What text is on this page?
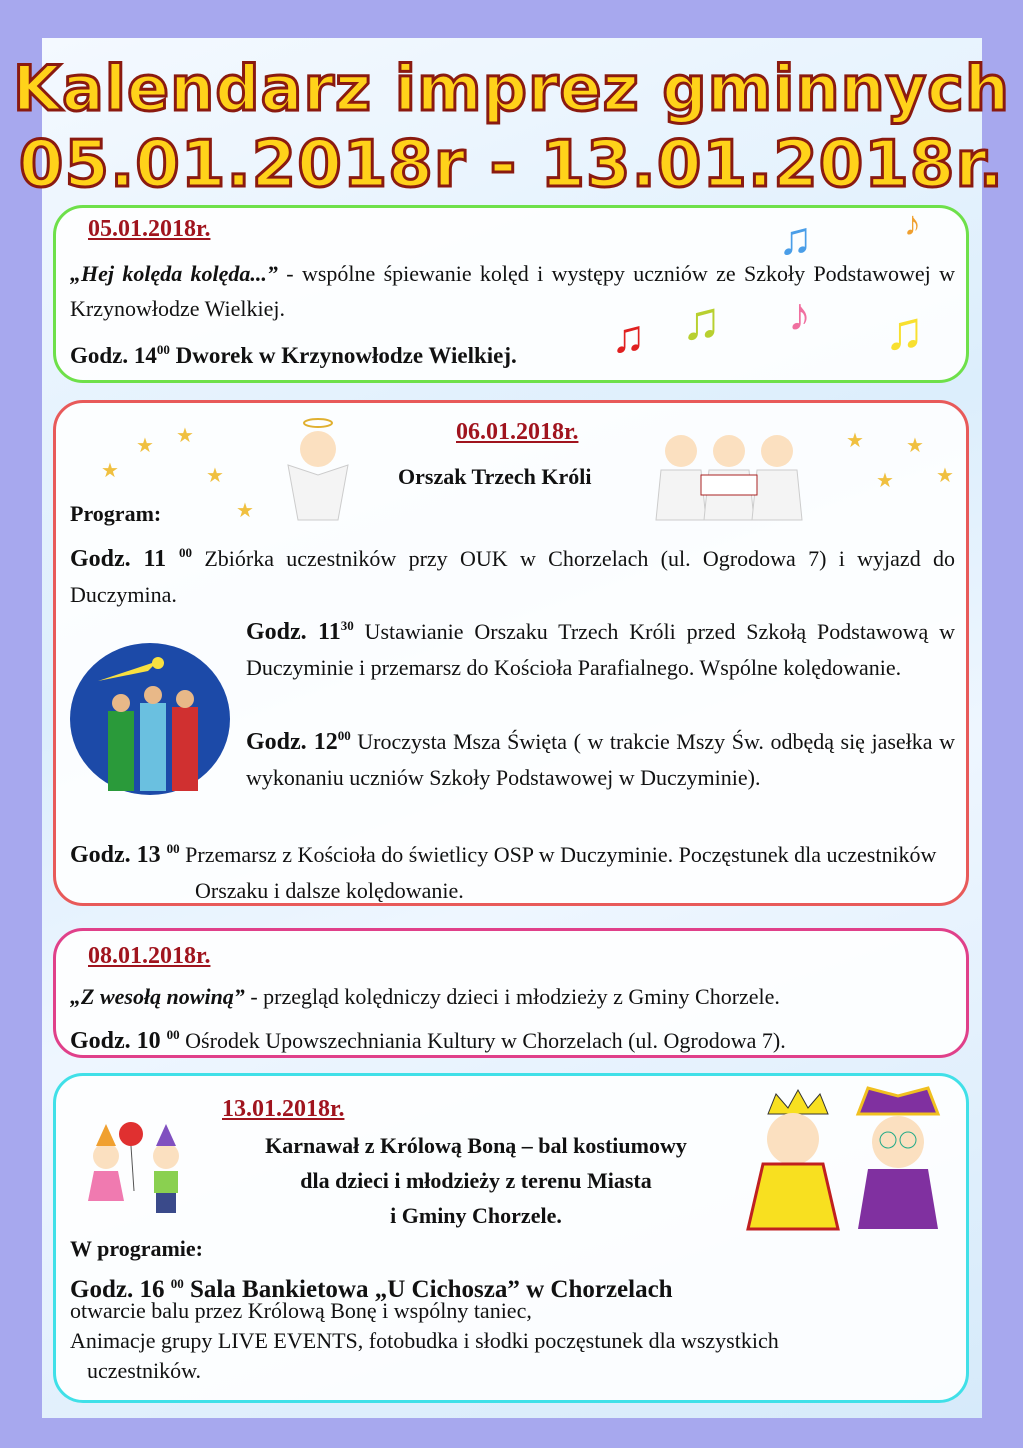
Kalendarz imprez gminnych
05.01.2018r - 13.01.2018r.
05.01.2018r.
„Hej kolęda kolęda...” - wspólne śpiewanie kolęd i występy uczniów ze Szkoły Podstawowej w Krzynowłodze Wielkiej.
Godz. $14^{00}$ Dworek w Krzynowłodze Wielkiej.
♫	♪
♫ ♫ ♪ ♫
06.01.2018r.
Orszak Trzech Króli
Program:
★ ★
★
★
★
★ ★
★ ★
Godz. 11 $^{00}$ Zbiórka uczestników przy OUK w Chorzelach (ul. Ogrodowa 7) i wyjazd do Duczymina.
Godz. $11^{30}$ Ustawianie Orszaku Trzech Króli przed Szkołą Podstawową w Duczyminie i przemarsz do Kościoła Parafialnego. Wspólne kolędowanie.
Godz. $12^{00}$ Uroczysta Msza Święta ( w trakcie Mszy Św. odbędą się jasełka w wykonaniu uczniów Szkoły Podstawowej w Duczyminie).
Godz. 13 $^{00}$ Przemarsz z Kościoła do świetlicy OSP w Duczyminie. Poczęstunek dla uczestników Orszaku i dalsze kolędowanie.
08.01.2018r.
„Z wesołą nowiną” - przegląd kolędniczy dzieci i młodzieży z Gminy Chorzele.
Godz. 10 $^{00}$ Ośrodek Upowszechniania Kultury w Chorzelach (ul. Ogrodowa 7).
13.01.2018r.
Karnawał z Królową Boną – bal kostiumowy
dla dzieci i młodzieży z terenu Miasta
i Gminy Chorzele.
W programie:
Godz. 16 $^{00}$ Sala Bankietowa „U Cichosza” w Chorzelach
otwarcie balu przez Królową Bonę i wspólny taniec,
Animacje grupy LIVE EVENTS, fotobudka i słodki poczęstunek dla wszystkich
uczestników.
